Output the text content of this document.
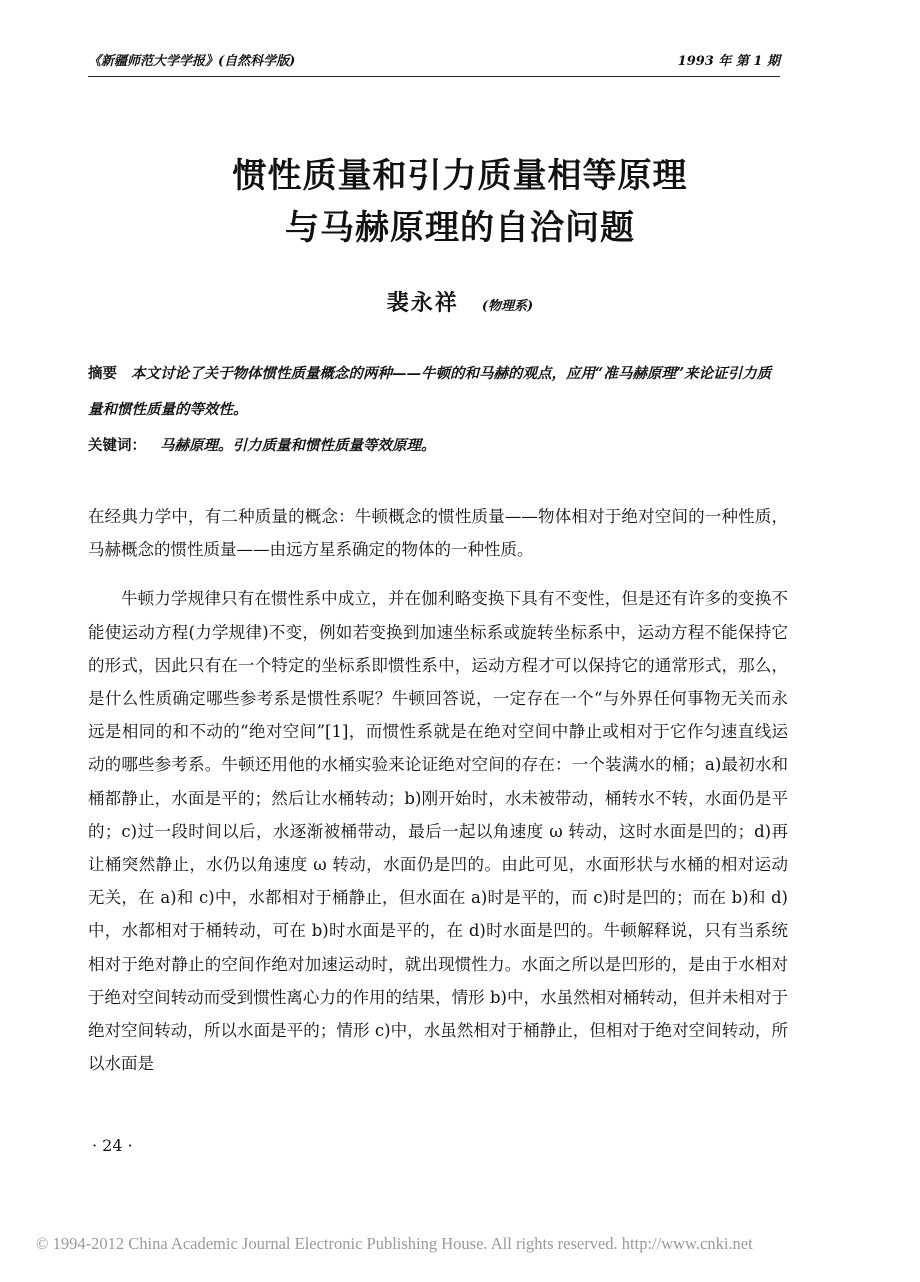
《新疆师范大学学报》(自然科学版)	1993 年 第 1 期
惯性质量和引力质量相等原理
与马赫原理的自洽问题
裴永祥 (物理系)

摘要 本文讨论了关于物体惯性质量概念的两种——牛顿的和马赫的观点，应用“准马赫原理”来论证引力质量和惯性质量的等效性。

关键词： 马赫原理。引力质量和惯性质量等效原理。

在经典力学中，有二种质量的概念：牛顿概念的惯性质量——物体相对于绝对空间的一种性质，马赫概念的惯性质量——由远方星系确定的物体的一种性质。

牛顿力学规律只有在惯性系中成立，并在伽利略变换下具有不变性，但是还有许多的变换不能使运动方程(力学规律)不变，例如若变换到加速坐标系或旋转坐标系中，运动方程不能保持它的形式，因此只有在一个特定的坐标系即惯性系中，运动方程才可以保持它的通常形式，那么，是什么性质确定哪些参考系是惯性系呢？牛顿回答说，一定存在一个“与外界任何事物无关而永远是相同的和不动的“绝对空间”[1]，而惯性系就是在绝对空间中静止或相对于它作匀速直线运动的哪些参考系。牛顿还用他的水桶实验来论证绝对空间的存在：一个装满水的桶；a)最初水和桶都静止，水面是平的；然后让水桶转动；b)刚开始时，水未被带动，桶转水不转，水面仍是平的；c)过一段时间以后，水逐渐被桶带动，最后一起以角速度 ω 转动，这时水面是凹的；d)再让桶突然静止，水仍以角速度 ω 转动，水面仍是凹的。由此可见，水面形状与水桶的相对运动无关，在 a)和 c)中，水都相对于桶静止，但水面在 a)时是平的，而 c)时是凹的；而在 b)和 d)中，水都相对于桶转动，可在 b)时水面是平的，在 d)时水面是凹的。牛顿解释说，只有当系统相对于绝对静止的空间作绝对加速运动时，就出现惯性力。水面之所以是凹形的，是由于水相对于绝对空间转动而受到惯性离心力的作用的结果，情形 b)中，水虽然相对桶转动，但并未相对于绝对空间转动，所以水面是平的；情形 c)中，水虽然相对于桶静止，但相对于绝对空间转动，所以水面是

· 24 ·
© 1994-2012 China Academic Journal Electronic Publishing House. All rights reserved. http://www.cnki.net
